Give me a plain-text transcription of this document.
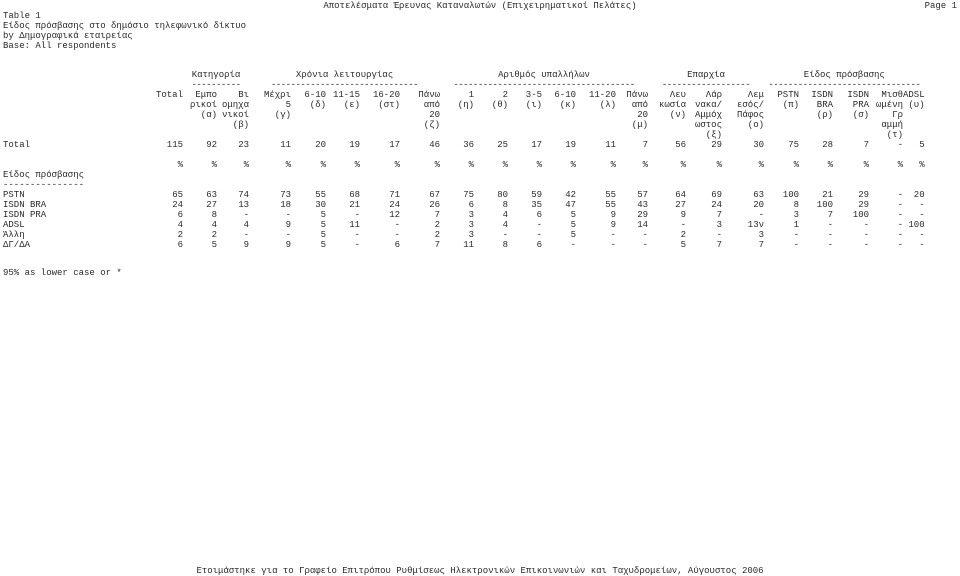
Αποτελέσματα Έρευνας Καταναλωτών (Επιχειρηματικοί Πελάτες)	Page 1
Table 1
Είδος πρόσβασης στο δημόσιο τηλεφωνικό δίκτυο
by Δημογραφικά εταιρείας
Base: All respondents
		Κατηγορία		Χρόνια λειτουργίας					Αριθμός υπαλλήλων						Επαρχία			Είδος πρόσβασης				
		----------		------------------------------					-------------------------------------						------------------			-------------------------------				
	Total	Εμπο	Βι	Μέχρι	6-10	11-15	16-20	Πάνω	1	2	3-5	6-10	11-20	Πάνω	Λευ	Λάρ	Λεμ	PSTN	ISDN	ISDN	Μισθ	ADSL
		ρικοί	ομηχα	5	(δ)	(ε)	(στ)	από	(η)	(θ)	(ι)	(κ)	(λ)	από	κωσία	νακα/	εσός/	(π)	BRA	PRA	ωμένη	(υ)
		(α)	νικοί	(γ)				20						20	(ν)	Αμμόχ	Πάφος		(ρ)	(σ)	Γρ	
			(β)					(ζ)						(μ)		ωστος	(ο)				αμμή	
																(ξ)					(τ)	
Total	115	92	23	11	20	19	17	46	36	25	17	19	11	7	56	29	30	75	28	7	-	5

	%	%	%	%	%	%	%	%	%	%	%	%	%	%	%	%	%	%	%	%	%	%
Είδος πρόσβασης																						
---------------																						
PSTN	65	63	74	73	55	68	71	67	75	80	59	42	55	57	64	69	63	100	21	29	-	20
ISDN BRA	24	27	13	18	30	21	24	26	6	8	35	47	55	43	27	24	20	8	100	29	-	-
ISDN PRA	6	8	-	-	5	-	12	7	3	4	6	5	9	29	9	7	-	3	7	100	-	-
ADSL	4	4	4	9	5	11	-	2	3	4	-	5	9	14	-	3	13ν	1	-	-	-	100
Άλλη	2	2	-	-	5	-	-	2	3	-	-	5	-	-	2	-	3	-	-	-	-	-
ΔΓ/ΔΑ	6	5	9	9	5	-	6	7	11	8	6	-	-	-	5	7	7	-	-	-	-	-
95% as lower case or *
Ετοιμάστηκε για το Γραφείο Επιτρόπου Ρυθμίσεως Ηλεκτρονικών Επικοινωνιών και Ταχυδρομείων, Αύγουστος 2006
